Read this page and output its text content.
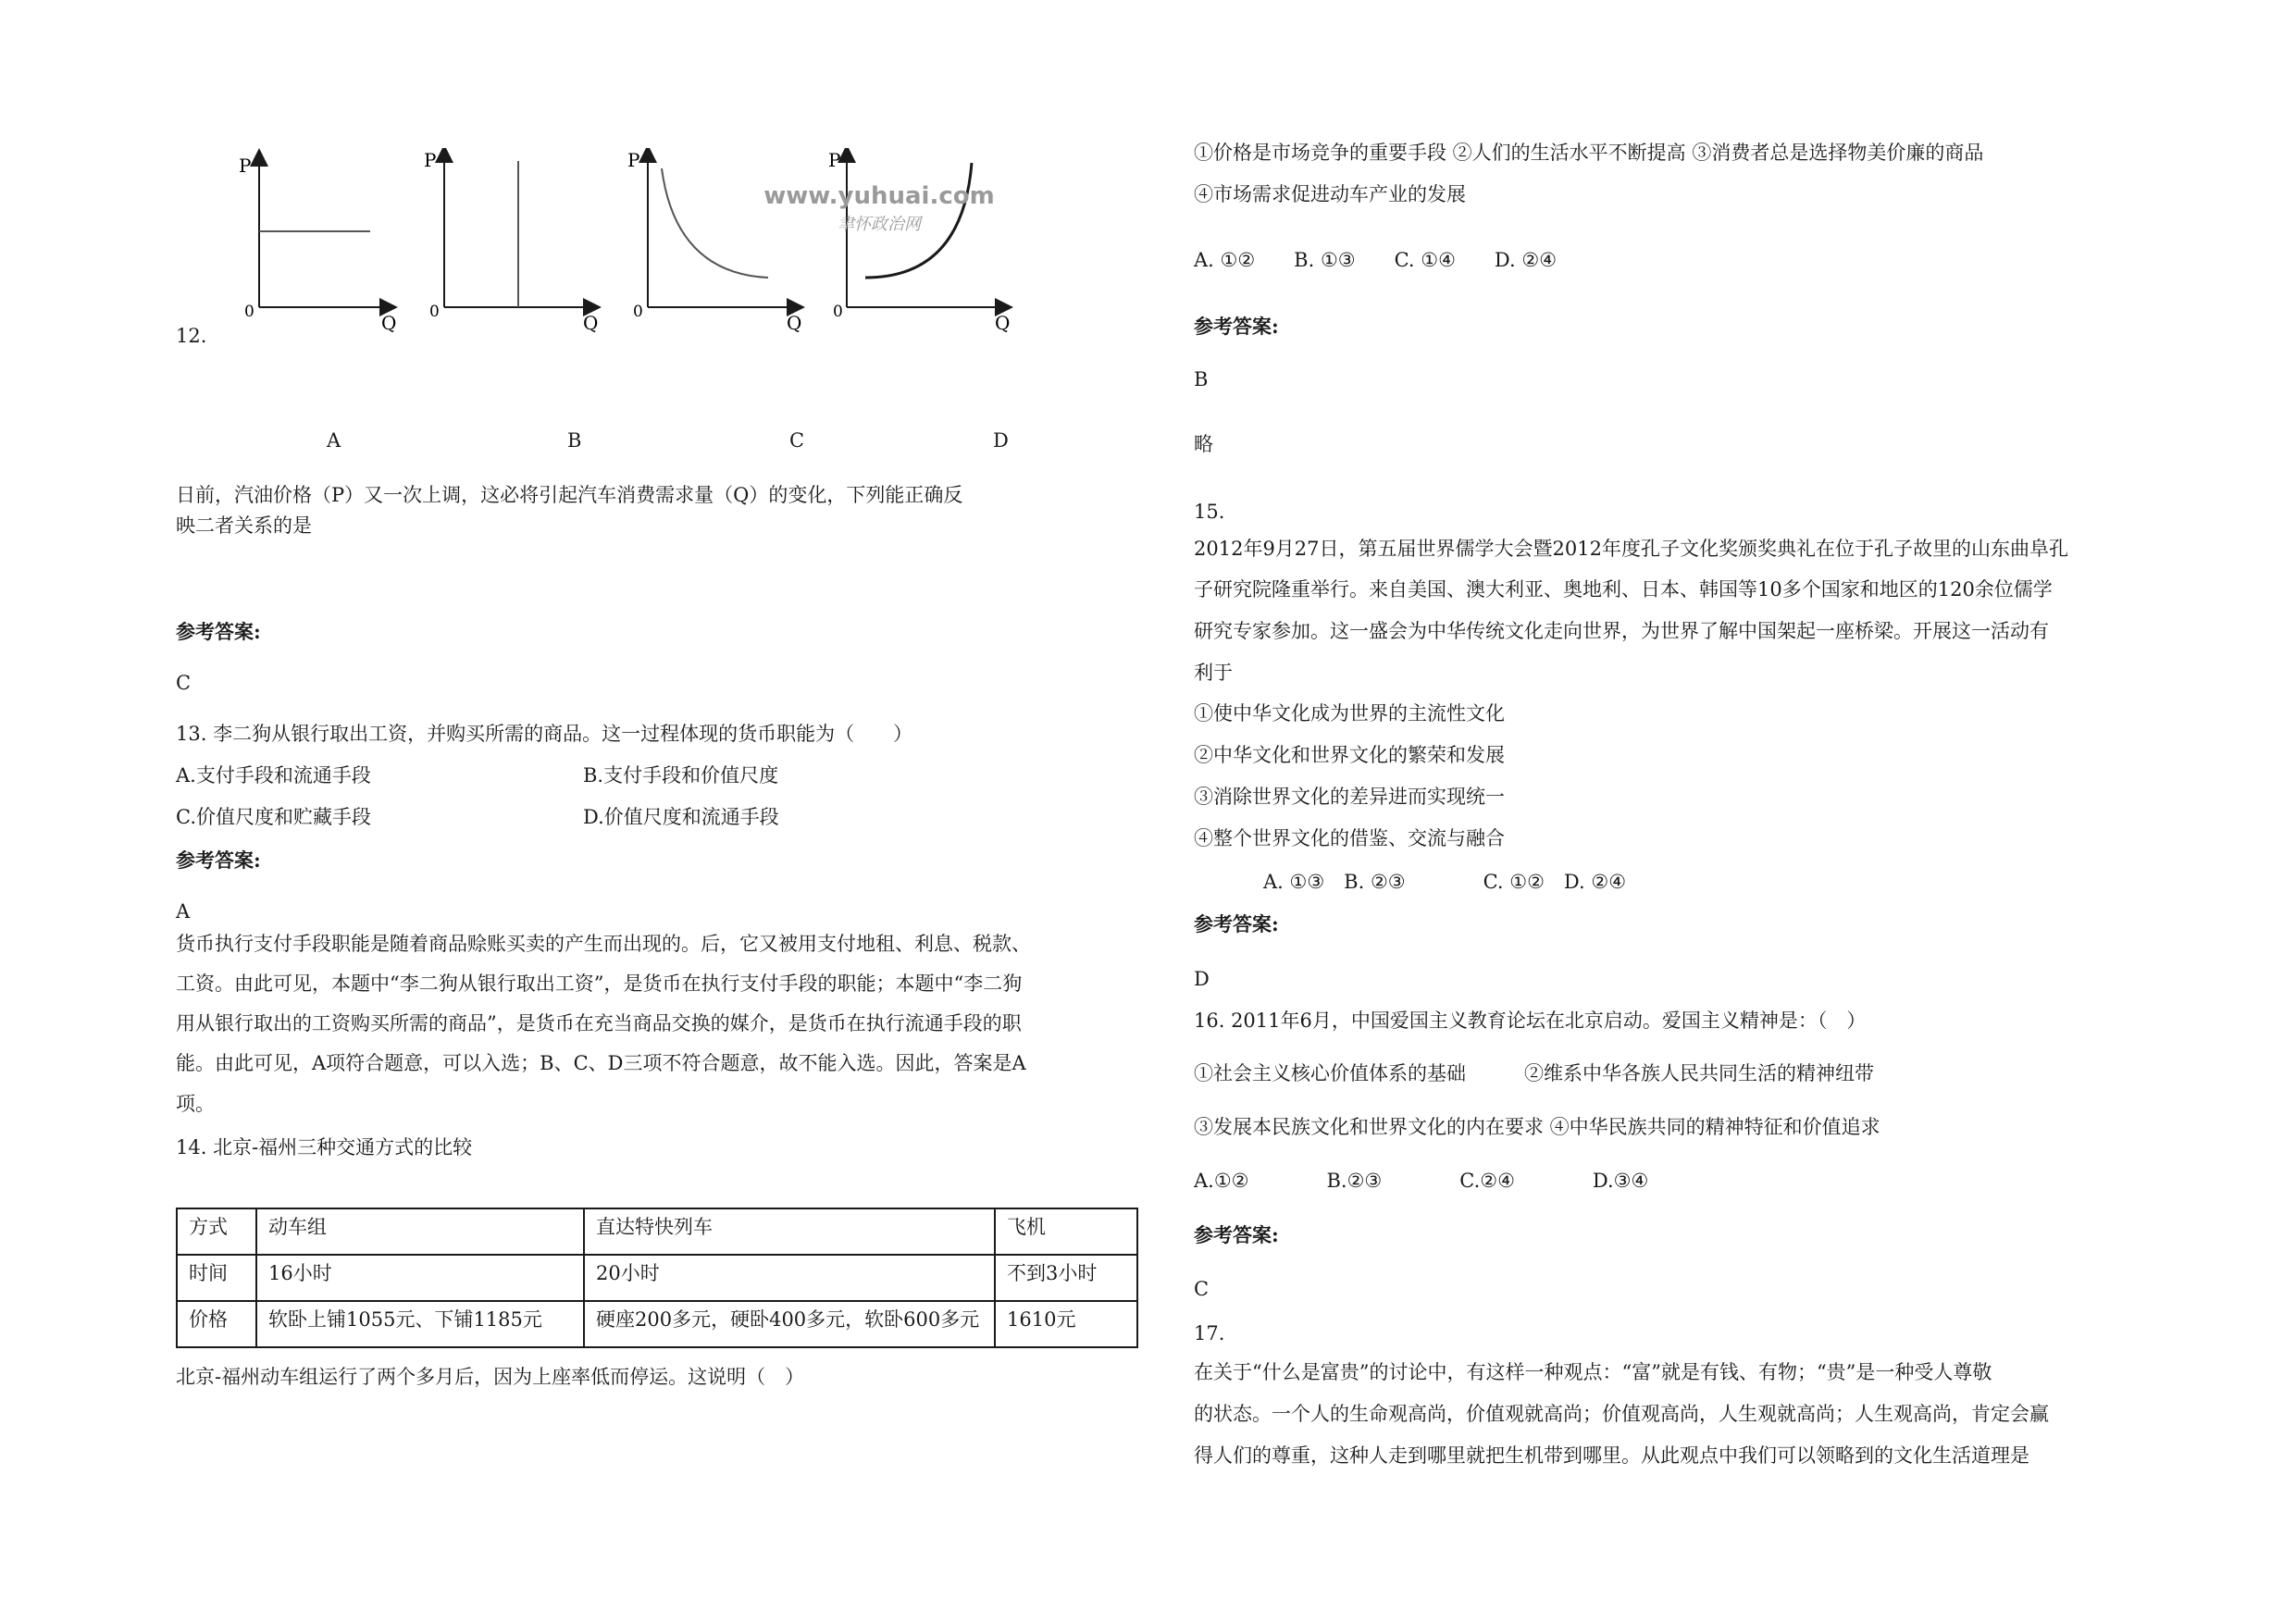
P
0	Q
P
0	Q
P
0	Q
P
0	Q
www.yuhuai.com
聿怀政治网
12.
A	B	C	D
日前，汽油价格（P）又一次上调，这必将引起汽车消费需求量（Q）的变化，下列能正确反
映二者关系的是
参考答案:
C
13. 李二狗从银行取出工资，并购买所需的商品。这一过程体现的货币职能为（　　）
A.支付手段和流通手段	B.支付手段和价值尺度
C.价值尺度和贮藏手段	D.价值尺度和流通手段
参考答案:
A
货币执行支付手段职能是随着商品赊账买卖的产生而出现的。后，它又被用支付地租、利息、税款、
工资。由此可见，本题中“李二狗从银行取出工资”，是货币在执行支付手段的职能；本题中“李二狗
用从银行取出的工资购买所需的商品”，是货币在充当商品交换的媒介，是货币在执行流通手段的职
能。由此可见，A项符合题意，可以入选；B、C、D三项不符合题意，故不能入选。因此，答案是A
项。
14. 北京-福州三种交通方式的比较
方式	动车组	直达特快列车	飞机
时间	16小时	20小时	不到3小时
价格	软卧上铺1055元、下铺1185元	硬座200多元，硬卧400多元，软卧600多元	1610元
北京-福州动车组运行了两个多月后，因为上座率低而停运。这说明（　）
①价格是市场竞争的重要手段 ②人们的生活水平不断提高 ③消费者总是选择物美价廉的商品
④市场需求促进动车产业的发展
A. ①②　　B. ①③　　C. ①④　　D. ②④
参考答案:
B
略
15.
2012年9月27日，第五届世界儒学大会暨2012年度孔子文化奖颁奖典礼在位于孔子故里的山东曲阜孔
子研究院隆重举行。来自美国、澳大利亚、奥地利、日本、韩国等10多个国家和地区的120余位儒学
研究专家参加。这一盛会为中华传统文化走向世界，为世界了解中国架起一座桥梁。开展这一活动有
利于
①使中华文化成为世界的主流性文化
②中华文化和世界文化的繁荣和发展
③消除世界文化的差异进而实现统一
④整个世界文化的借鉴、交流与融合
A. ①③　B. ②③　　　　C. ①②　D. ②④
参考答案:
D
16. 2011年6月，中国爱国主义教育论坛在北京启动。爱国主义精神是：（　）
①社会主义核心价值体系的基础　　　②维系中华各族人民共同生活的精神纽带
③发展本民族文化和世界文化的内在要求 ④中华民族共同的精神特征和价值追求
A.①②　　　　B.②③　　　　C.②④　　　　D.③④
参考答案:
C
17.
在关于“什么是富贵”的讨论中，有这样一种观点：“富”就是有钱、有物；“贵”是一种受人尊敬
的状态。一个人的生命观高尚，价值观就高尚；价值观高尚，人生观就高尚；人生观高尚，肯定会赢
得人们的尊重，这种人走到哪里就把生机带到哪里。从此观点中我们可以领略到的文化生活道理是
